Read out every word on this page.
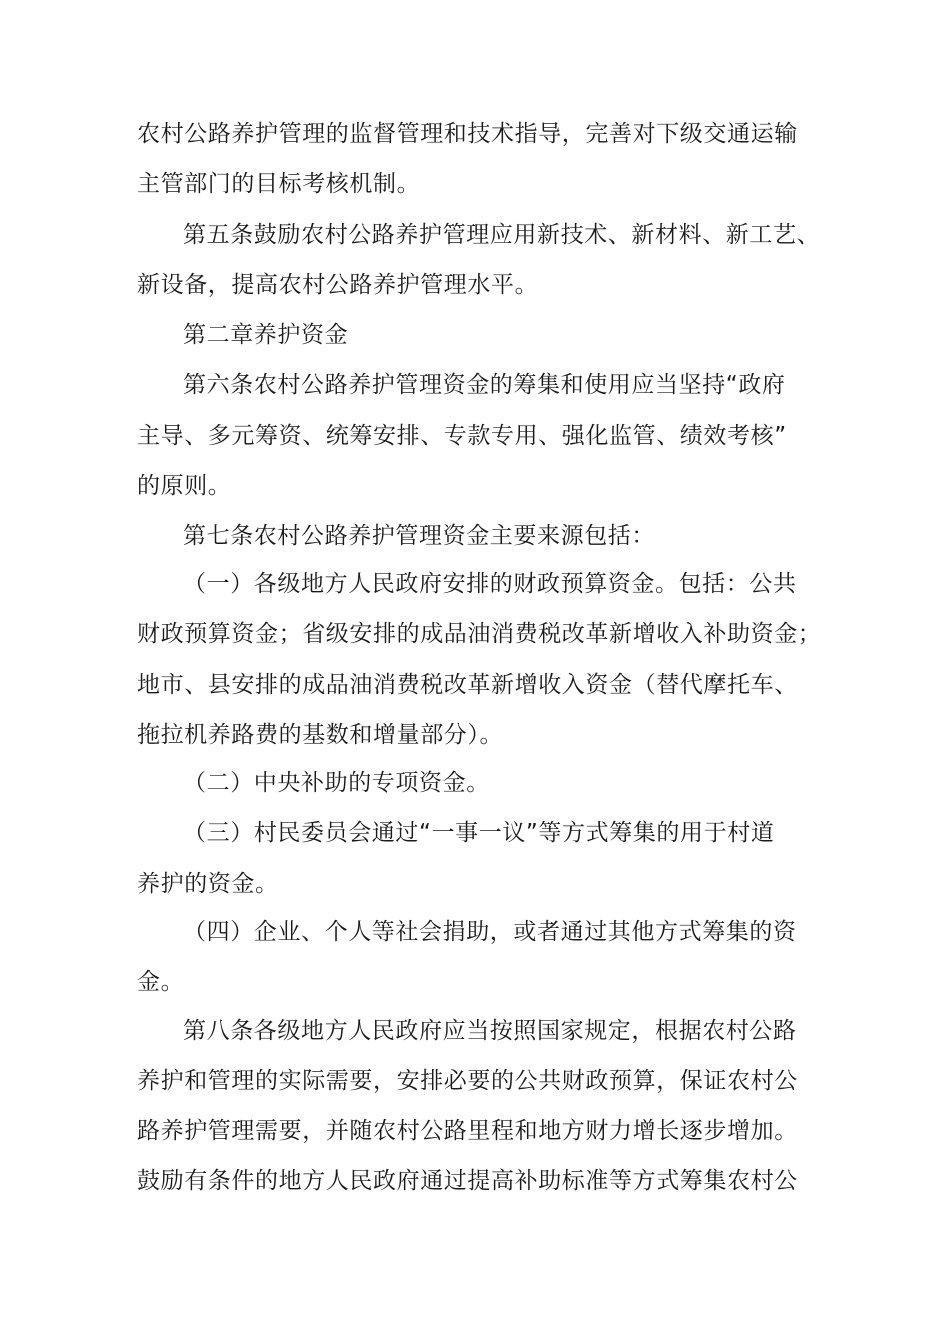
农村公路养护管理的监督管理和技术指导，完善对下级交通运输
主管部门的目标考核机制。
第五条鼓励农村公路养护管理应用新技术、新材料、新工艺、
新设备，提高农村公路养护管理水平。
第二章养护资金
第六条农村公路养护管理资金的筹集和使用应当坚持“政府
主导、多元筹资、统筹安排、专款专用、强化监管、绩效考核”
的原则。
第七条农村公路养护管理资金主要来源包括：
（一）各级地方人民政府安排的财政预算资金。包括：公共
财政预算资金；省级安排的成品油消费税改革新增收入补助资金；
地市、县安排的成品油消费税改革新增收入资金（替代摩托车、
拖拉机养路费的基数和增量部分）。
（二）中央补助的专项资金。
（三）村民委员会通过“一事一议”等方式筹集的用于村道
养护的资金。
（四）企业、个人等社会捐助，或者通过其他方式筹集的资
金。
第八条各级地方人民政府应当按照国家规定，根据农村公路
养护和管理的实际需要，安排必要的公共财政预算，保证农村公
路养护管理需要，并随农村公路里程和地方财力增长逐步增加。
鼓励有条件的地方人民政府通过提高补助标准等方式筹集农村公
